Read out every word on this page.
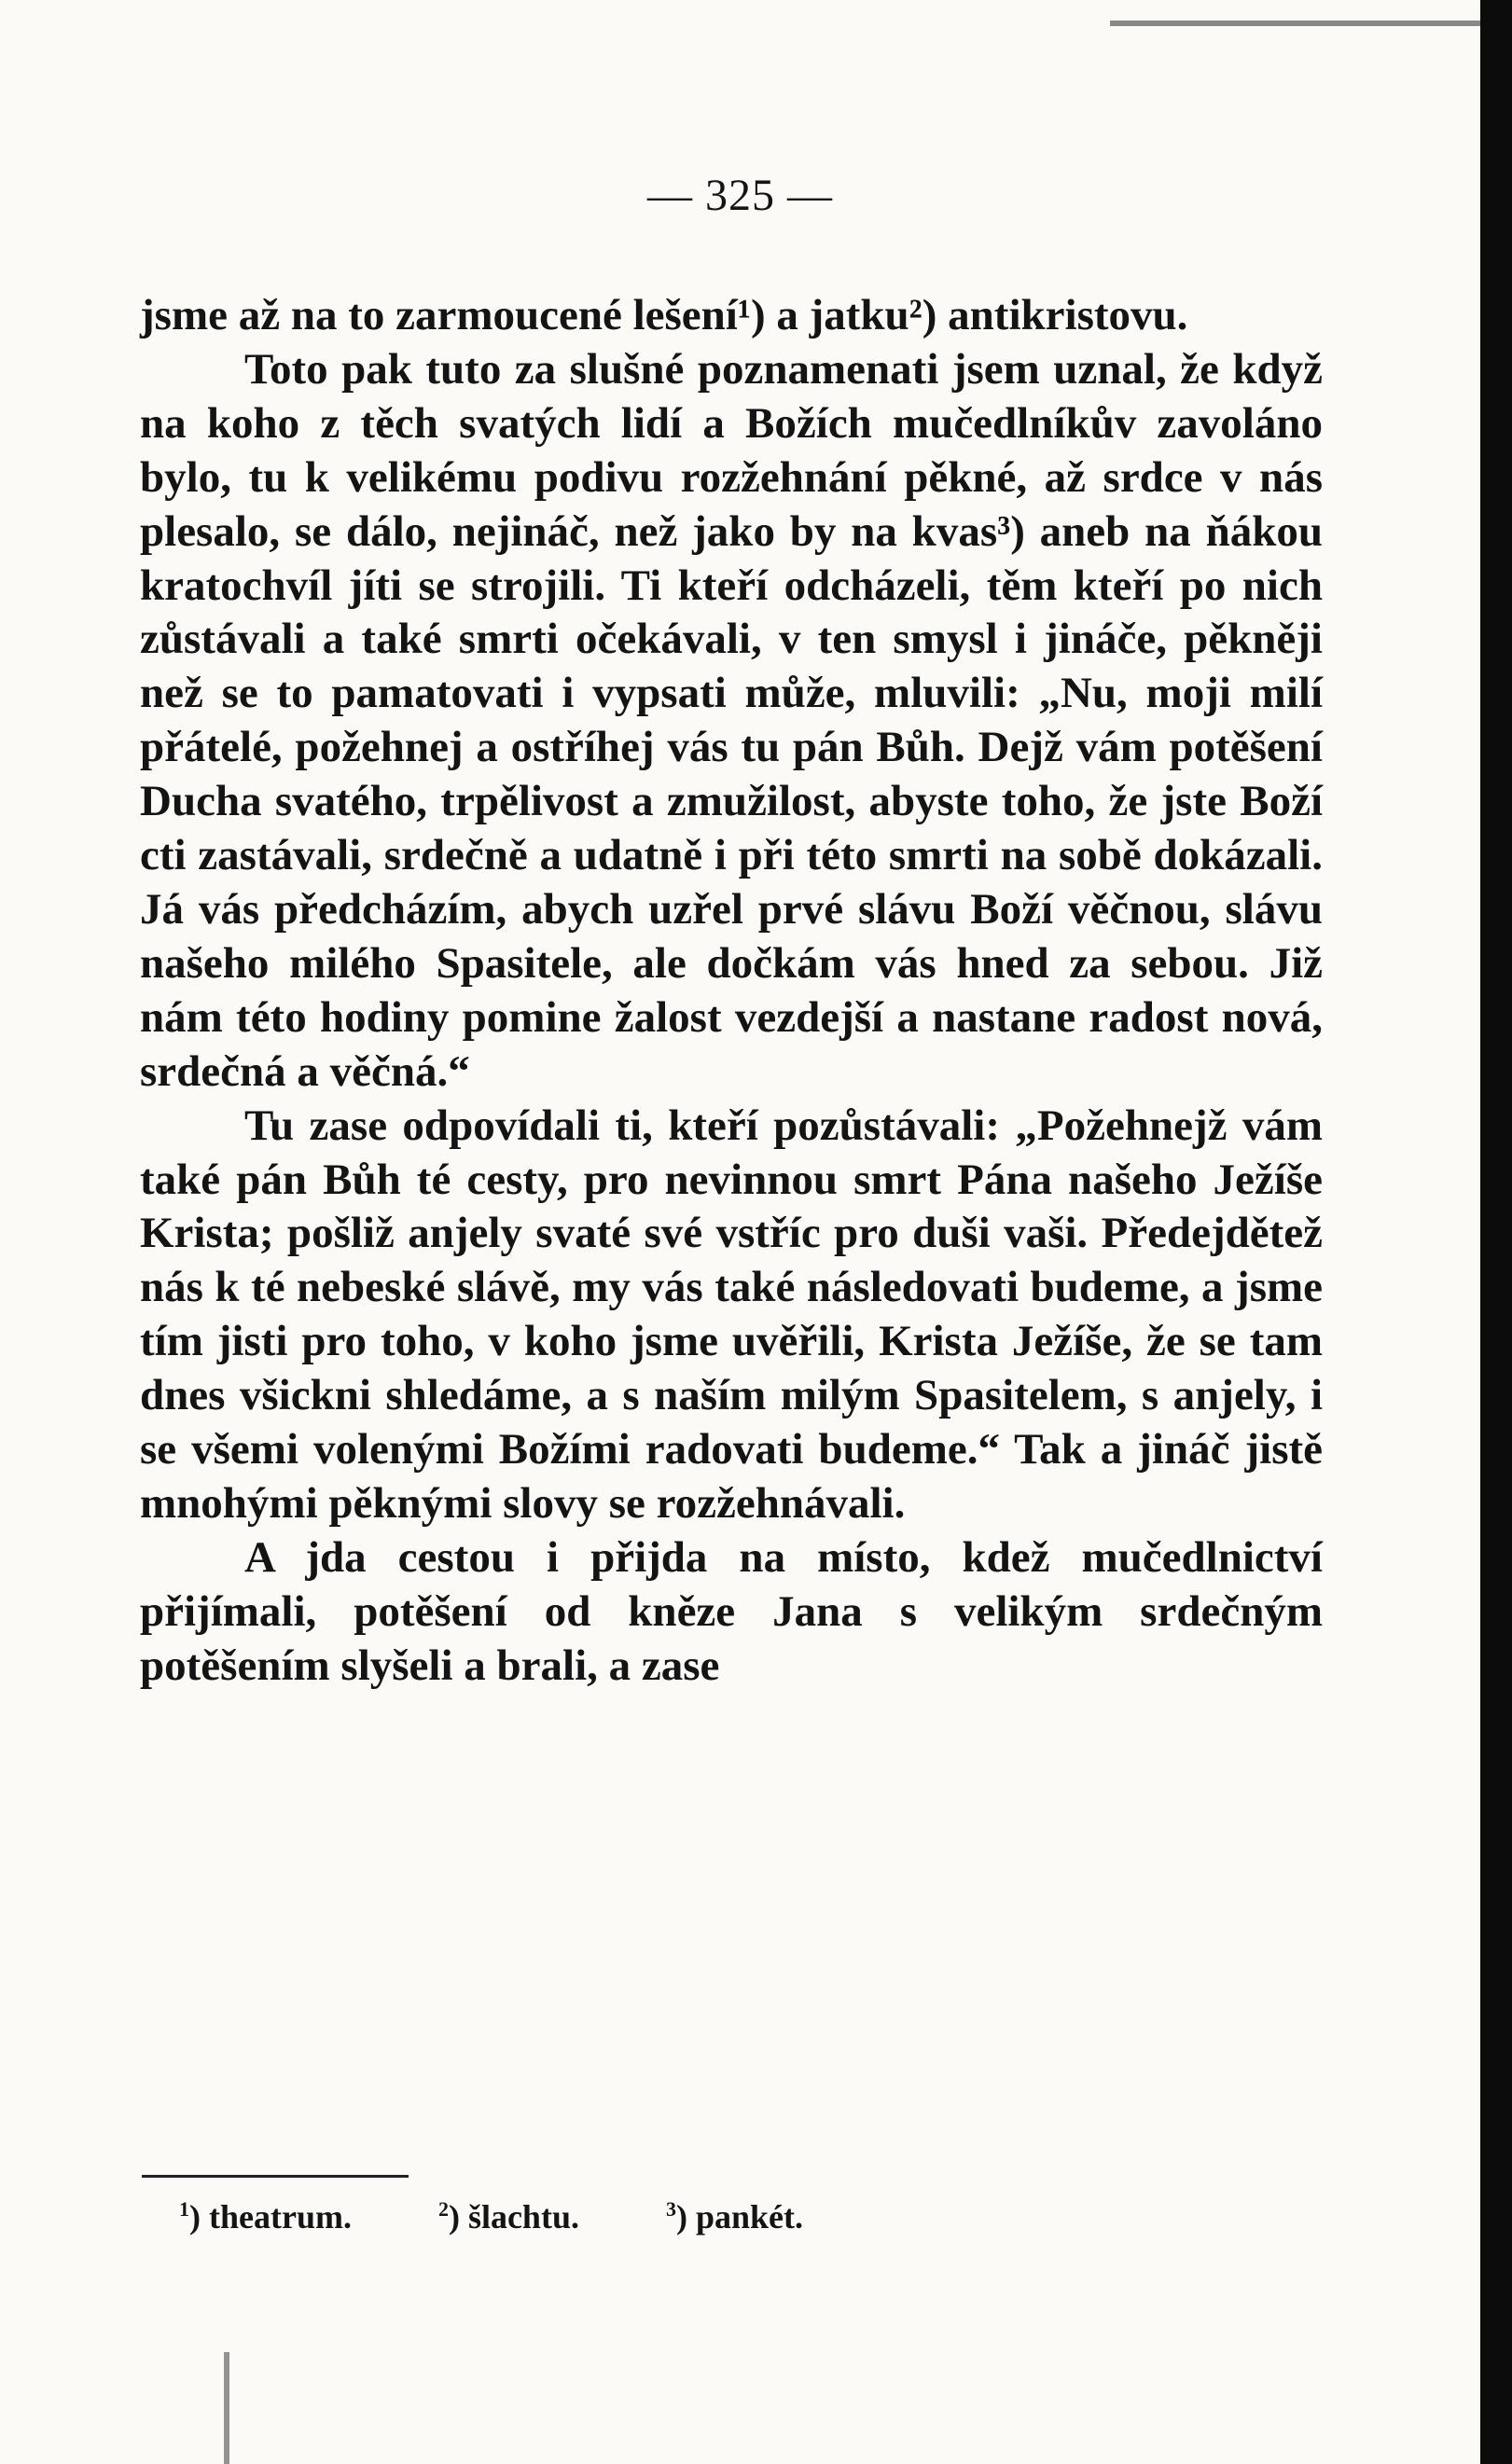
— 325 —

jsme až na to zarmoucené lešení¹) a jatku²) antikristovu.

Toto pak tuto za slušné poznamenati jsem uznal, že když na koho z těch svatých lidí a Božích mučedlníkův zavoláno bylo, tu k velikému podivu rozžehnání pěkné, až srdce v nás plesalo, se dálo, nejináč, než jako by na kvas³) aneb na ňákou kratochvíl jíti se strojili. Ti kteří odcházeli, těm kteří po nich zůstávali a také smrti očekávali, v ten smysl i jináče, pěkněji než se to pamatovati i vypsati může, mluvili: „Nu, moji milí přátelé, požehnej a ostříhej vás tu pán Bůh. Dejž vám potěšení Ducha svatého, trpělivost a zmužilost, abyste toho, že jste Boží cti zastávali, srdečně a udatně i při této smrti na sobě dokázali. Já vás předcházím, abych uzřel prvé slávu Boží věčnou, slávu našeho milého Spasitele, ale dočkám vás hned za sebou. Již nám této hodiny pomine žalost vezdejší a nastane radost nová, srdečná a věčná.“

Tu zase odpovídali ti, kteří pozůstávali: „Požehnejž vám také pán Bůh té cesty, pro nevinnou smrt Pána našeho Ježíše Krista; pošliž anjely svaté své vstříc pro duši vaši. Předejdětež nás k té nebeské slávě, my vás také následovati budeme, a jsme tím jisti pro toho, v koho jsme uvěřili, Krista Ježíše, že se tam dnes všickni shledáme, a s naším milým Spasitelem, s anjely, i se všemi volenými Božími radovati budeme.“ Tak a jináč jistě mnohými pěknými slovy se rozžehnávali.

A jda cestou i přijda na místo, kdež mučedlnictví přijímali, potěšení od kněze Jana s velikým srdečným potěšením slyšeli a brali, a zase

$^1$) theatrum.	$^2$) šlachtu.	$^3$) pankét.
